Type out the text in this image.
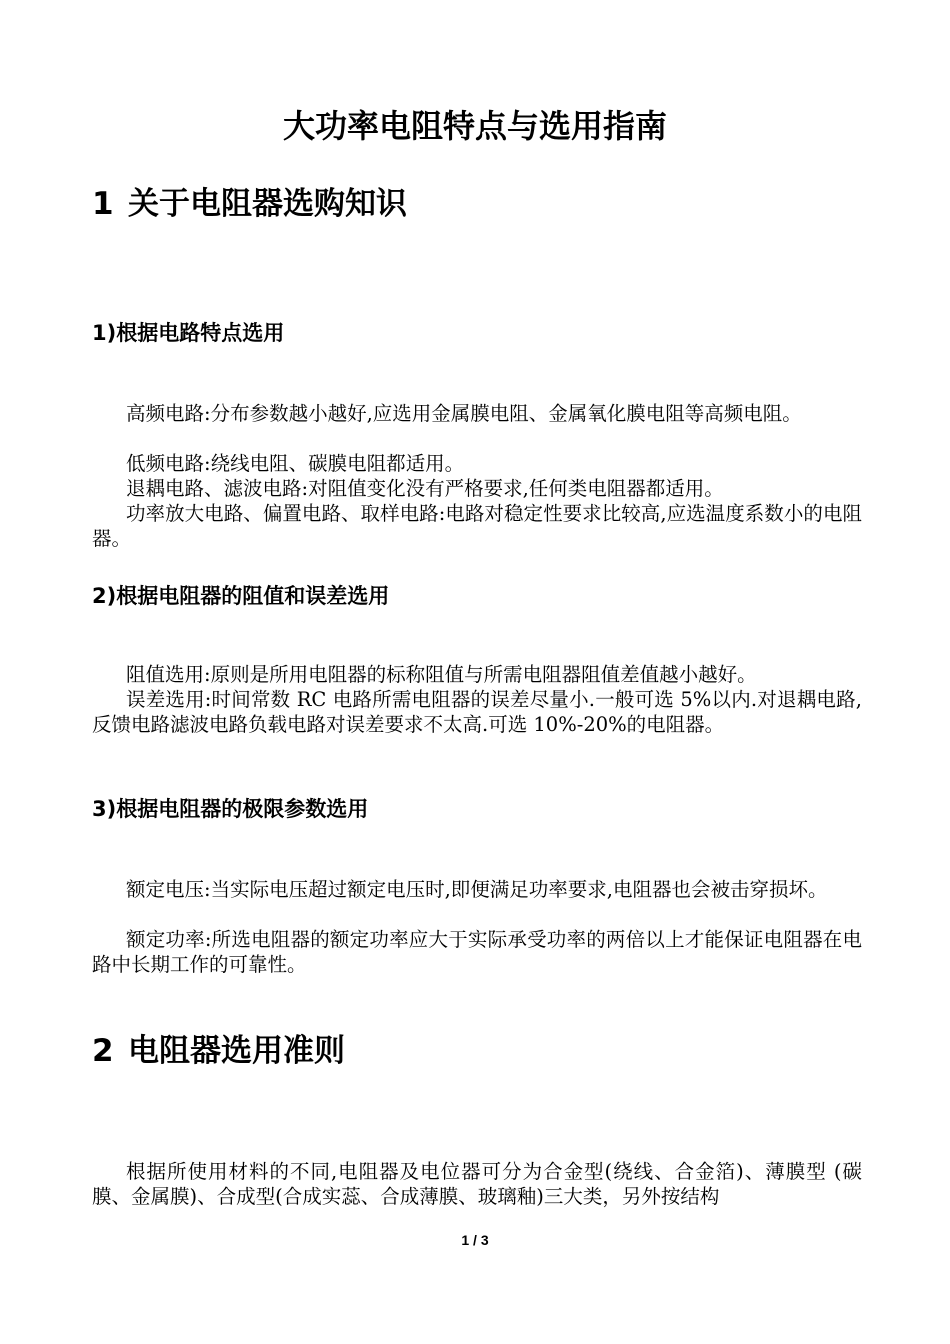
大功率电阻特点与选用指南
1 关于电阻器选购知识
1)根据电路特点选用

高频电路:分布参数越小越好,应选用金属膜电阻、金属氧化膜电阻等高频电阻。

低频电路:绕线电阻、碳膜电阻都适用。

退耦电路、滤波电路:对阻值变化没有严格要求,任何类电阻器都适用。

功率放大电路、偏置电路、取样电路:电路对稳定性要求比较高,应选温度系数小的电阻器。

2)根据电阻器的阻值和误差选用

阻值选用:原则是所用电阻器的标称阻值与所需电阻器阻值差值越小越好。

误差选用:时间常数 RC 电路所需电阻器的误差尽量小.一般可选 5%以内.对退耦电路,反馈电路滤波电路负载电路对误差要求不太高.可选 10%-20%的电阻器。

3)根据电阻器的极限参数选用

额定电压:当实际电压超过额定电压时,即便满足功率要求,电阻器也会被击穿损坏。

额定功率:所选电阻器的额定功率应大于实际承受功率的两倍以上才能保证电阻器在电路中长期工作的可靠性。

2 电阻器选用准则

根据所使用材料的不同,电阻器及电位器可分为合金型(绕线、合金箔)、薄膜型 (碳膜、金属膜)、合成型(合成实蕊、合成薄膜、玻璃釉)三大类，另外按结构

1 / 3
